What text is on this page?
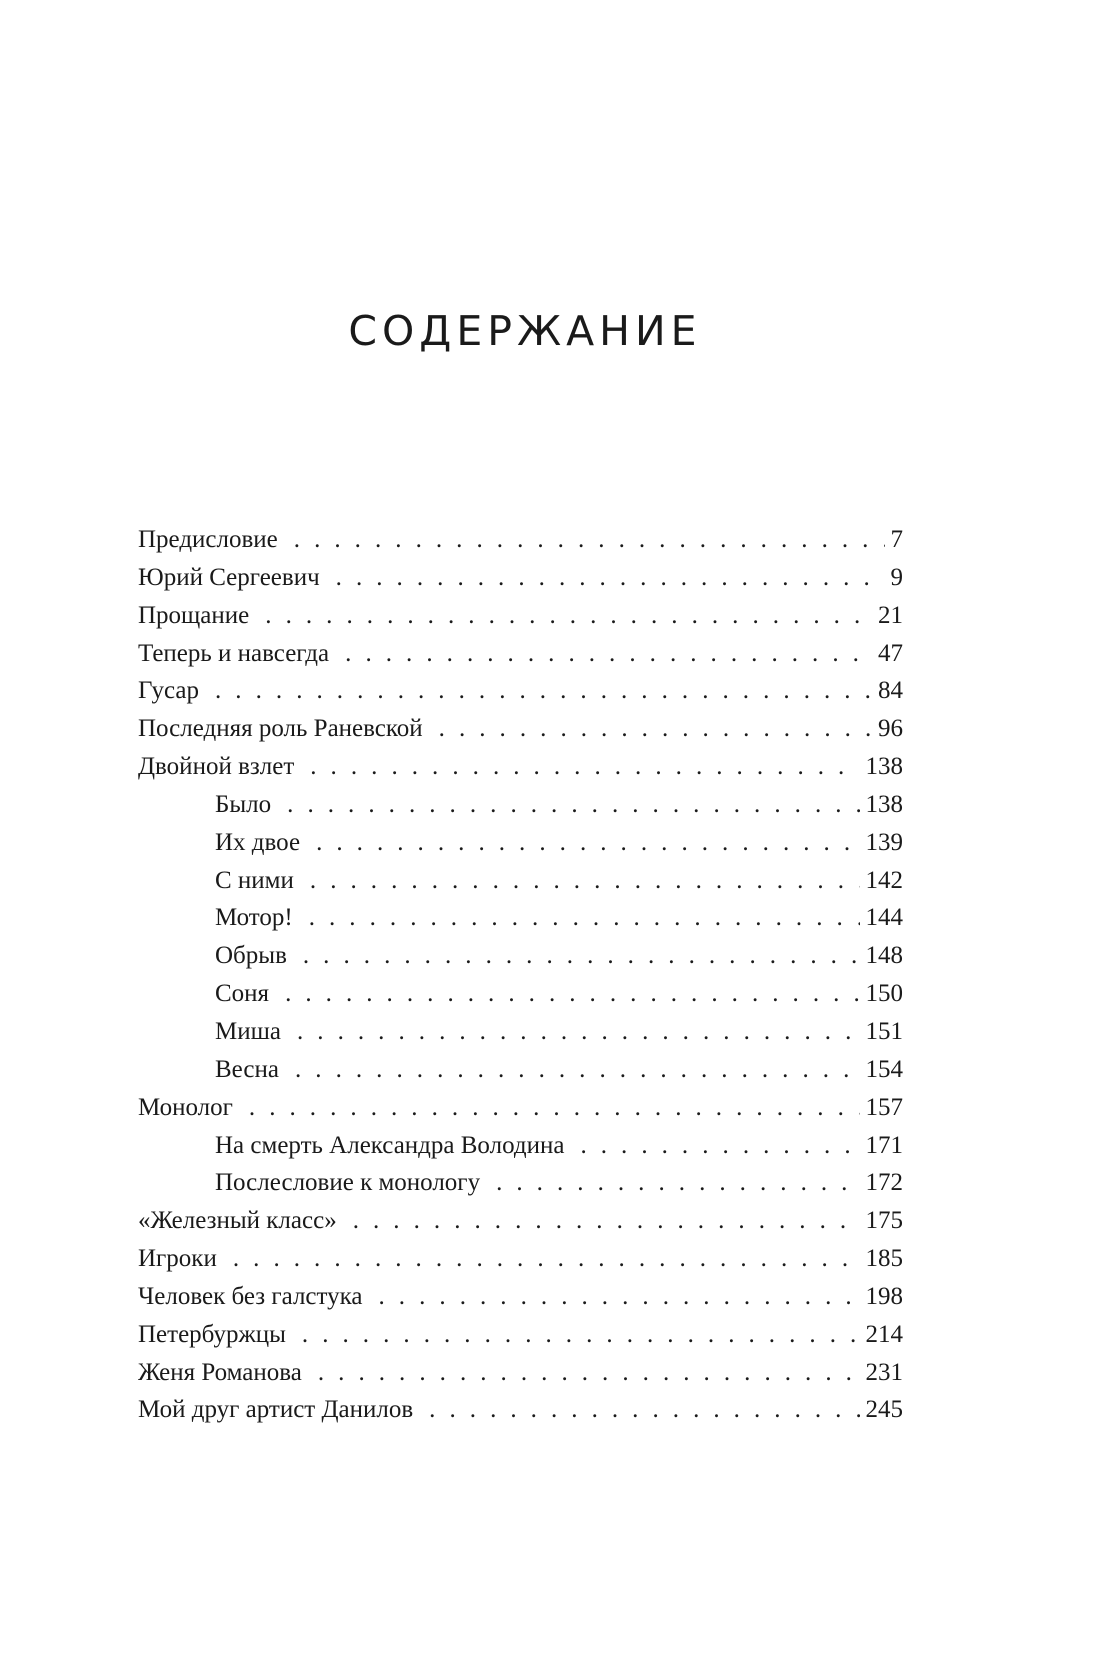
СОДЕРЖАНИЕ
Предисловие . . .	7
Юрий Сергеевич . . .	9
Прощание . . .	21
Теперь и навсегда . . .	47
Гусар . . .	84
Последняя роль Раневской . . .	96
Двойной взлет . . .	138
Было . . .	138
Их двое . . .	139
С ними . . .	142
Мотор! . . .	144
Обрыв . . .	148
Соня . . .	150
Миша . . .	151
Весна . . .	154
Монолог . . .	157
На смерть Александра Володина . . .	171
Послесловие к монологу . . .	172
«Железный класс» . . .	175
Игроки . . .	185
Человек без галстука . . .	198
Петербуржцы . . .	214
Женя Романова . . .	231
Мой друг артист Данилов . . .	245
